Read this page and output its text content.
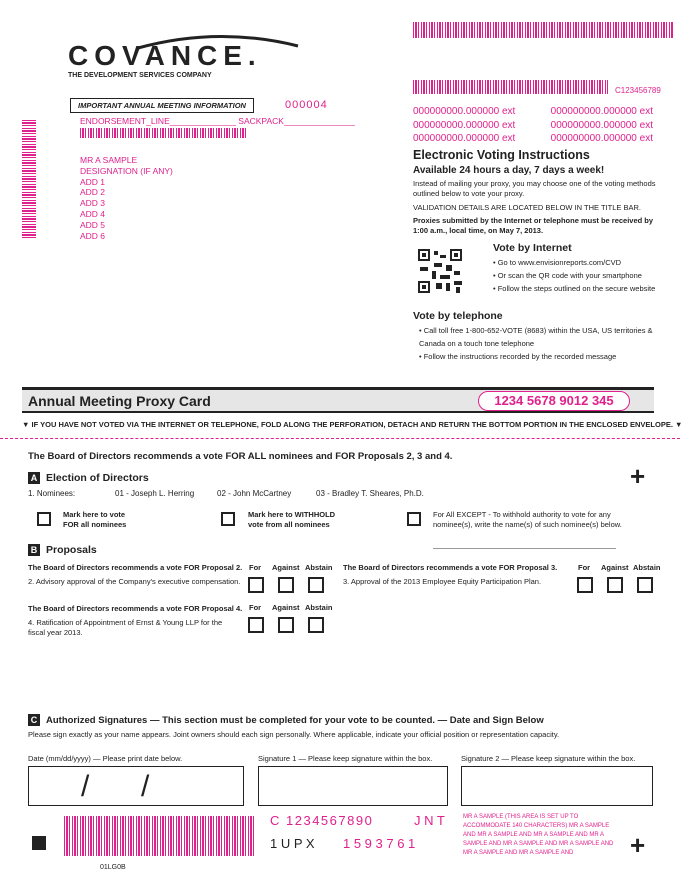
COVANCE.
THE DEVELOPMENT SERVICES COMPANY
C123456789
IMPORTANT ANNUAL MEETING INFORMATION	000004
ENDORSEMENT_LINE______________ SACKPACK_______________
MR A SAMPLE
DESIGNATION (IF ANY)
ADD 1
ADD 2
ADD 3
ADD 4
ADD 5
ADD 6
000000000.000000 ext	000000000.000000 ext
000000000.000000 ext	000000000.000000 ext
000000000.000000 ext	000000000.000000 ext
Electronic Voting Instructions
Available 24 hours a day, 7 days a week!
Instead of mailing your proxy, you may choose one of the voting methods outlined below to vote your proxy.
VALIDATION DETAILS ARE LOCATED BELOW IN THE TITLE BAR.
Proxies submitted by the Internet or telephone must be received by 1:00 a.m., local time, on May 7, 2013.
Vote by Internet
• Go to www.envisionreports.com/CVD
• Or scan the QR code with your smartphone
• Follow the steps outlined on the secure website
Vote by telephone
• Call toll free 1-800-652-VOTE (8683) within the USA, US territories & Canada on a touch tone telephone
• Follow the instructions recorded by the recorded message
Annual Meeting Proxy Card	1234 5678 9012 345
▼ IF YOU HAVE NOT VOTED VIA THE INTERNET OR TELEPHONE, FOLD ALONG THE PERFORATION, DETACH AND RETURN THE BOTTOM PORTION IN THE ENCLOSED ENVELOPE. ▼
The Board of Directors recommends a vote FOR ALL nominees and FOR Proposals 2, 3 and 4.
A Election of Directors	+
1. Nominees:	01 - Joseph L. Herring	02 - John McCartney	03 - Bradley T. Sheares, Ph.D.
Mark here to vote FOR all nominees
Mark here to WITHHOLD vote from all nominees
For All EXCEPT - To withhold authority to vote for any nominee(s), write the name(s) of such nominee(s) below.
B Proposals
The Board of Directors recommends a vote FOR Proposal 2. For Against Abstain
2. Advisory approval of the Company's executive compensation.
The Board of Directors recommends a vote FOR Proposal 3.	For Against Abstain
3. Approval of the 2013 Employee Equity Participation Plan.
The Board of Directors recommends a vote FOR Proposal 4. For Against Abstain
4. Ratification of Appointment of Ernst & Young LLP for the fiscal year 2013.
C Authorized Signatures — This section must be completed for your vote to be counted. — Date and Sign Below
Please sign exactly as your name appears. Joint owners should each sign personally. Where applicable, indicate your official position or representation capacity.
Date (mm/dd/yyyy) — Please print date below.
/ /
Signature 1 — Please keep signature within the box.	Signature 2 — Please keep signature within the box.
C 1234567890	J N T
1 U P X 1 5 9 3 7 6 1
MR A SAMPLE (THIS AREA IS SET UP TO ACCOMMODATE 140 CHARACTERS) MR A SAMPLE AND MR A SAMPLE AND MR A SAMPLE AND MR A SAMPLE AND MR A SAMPLE AND MR A SAMPLE AND MR A SAMPLE AND MR A SAMPLE AND	+
01LG0B
